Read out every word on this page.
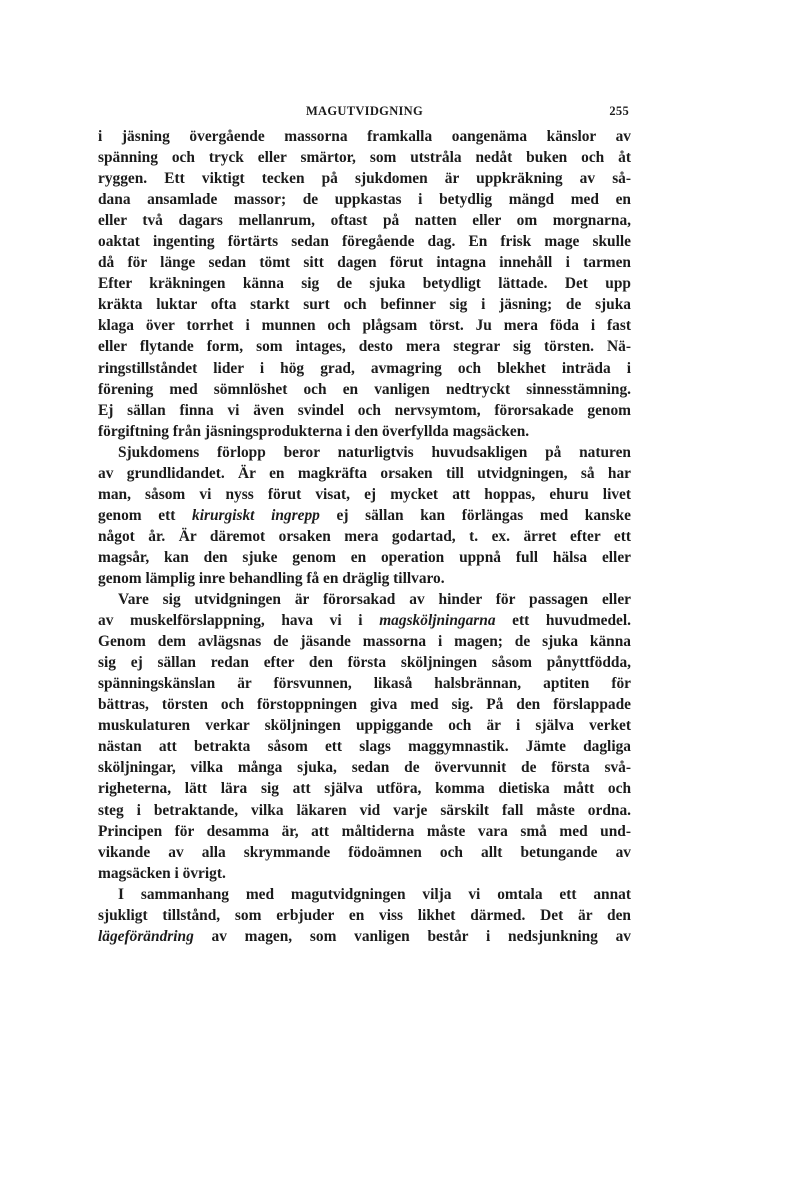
MAGUTVIDGNING	255
i jäsning övergående massorna framkalla oangenäma känslor av
spänning och tryck eller smärtor, som utstråla nedåt buken och åt
ryggen. Ett viktigt tecken på sjukdomen är uppkräkning av så-
dana ansamlade massor; de uppkastas i betydlig mängd med en
eller två dagars mellanrum, oftast på natten eller om morgnarna,
oaktat ingenting förtärts sedan föregående dag. En frisk mage skulle
då för länge sedan tömt sitt dagen förut intagna innehåll i tarmen
Efter kräkningen känna sig de sjuka betydligt lättade. Det upp
kräkta luktar ofta starkt surt och befinner sig i jäsning; de sjuka
klaga över torrhet i munnen och plågsam törst. Ju mera föda i fast
eller flytande form, som intages, desto mera stegrar sig törsten. Nä-
ringstillståndet lider i hög grad, avmagring och blekhet inträda i
förening med sömnlöshet och en vanligen nedtryckt sinnesstämning.
Ej sällan finna vi även svindel och nervsymtom, förorsakade genom
förgiftning från jäsningsprodukterna i den överfyllda magsäcken.
Sjukdomens förlopp beror naturligtvis huvudsakligen på naturen
av grundlidandet. Är en magkräfta orsaken till utvidgningen, så har
man, såsom vi nyss förut visat, ej mycket att hoppas, ehuru livet
genom ett kirurgiskt ingrepp ej sällan kan förlängas med kanske
något år. Är däremot orsaken mera godartad, t. ex. ärret efter ett
magsår, kan den sjuke genom en operation uppnå full hälsa eller
genom lämplig inre behandling få en dräglig tillvaro.
Vare sig utvidgningen är förorsakad av hinder för passagen eller
av muskelförslappning, hava vi i magsköljningarna ett huvudmedel.
Genom dem avlägsnas de jäsande massorna i magen; de sjuka känna
sig ej sällan redan efter den första sköljningen såsom pånyttfödda,
spänningskänslan är försvunnen, likaså halsbrännan, aptiten för
bättras, törsten och förstoppningen giva med sig. På den förslappade
muskulaturen verkar sköljningen uppiggande och är i själva verket
nästan att betrakta såsom ett slags maggymnastik. Jämte dagliga
sköljningar, vilka många sjuka, sedan de övervunnit de första svå-
righeterna, lätt lära sig att själva utföra, komma dietiska mått och
steg i betraktande, vilka läkaren vid varje särskilt fall måste ordna.
Principen för desamma är, att måltiderna måste vara små med und-
vikande av alla skrymmande födoämnen och allt betungande av
magsäcken i övrigt.
I sammanhang med magutvidgningen vilja vi omtala ett annat
sjukligt tillstånd, som erbjuder en viss likhet därmed. Det är den
lägeförändring av magen, som vanligen består i nedsjunkning av
